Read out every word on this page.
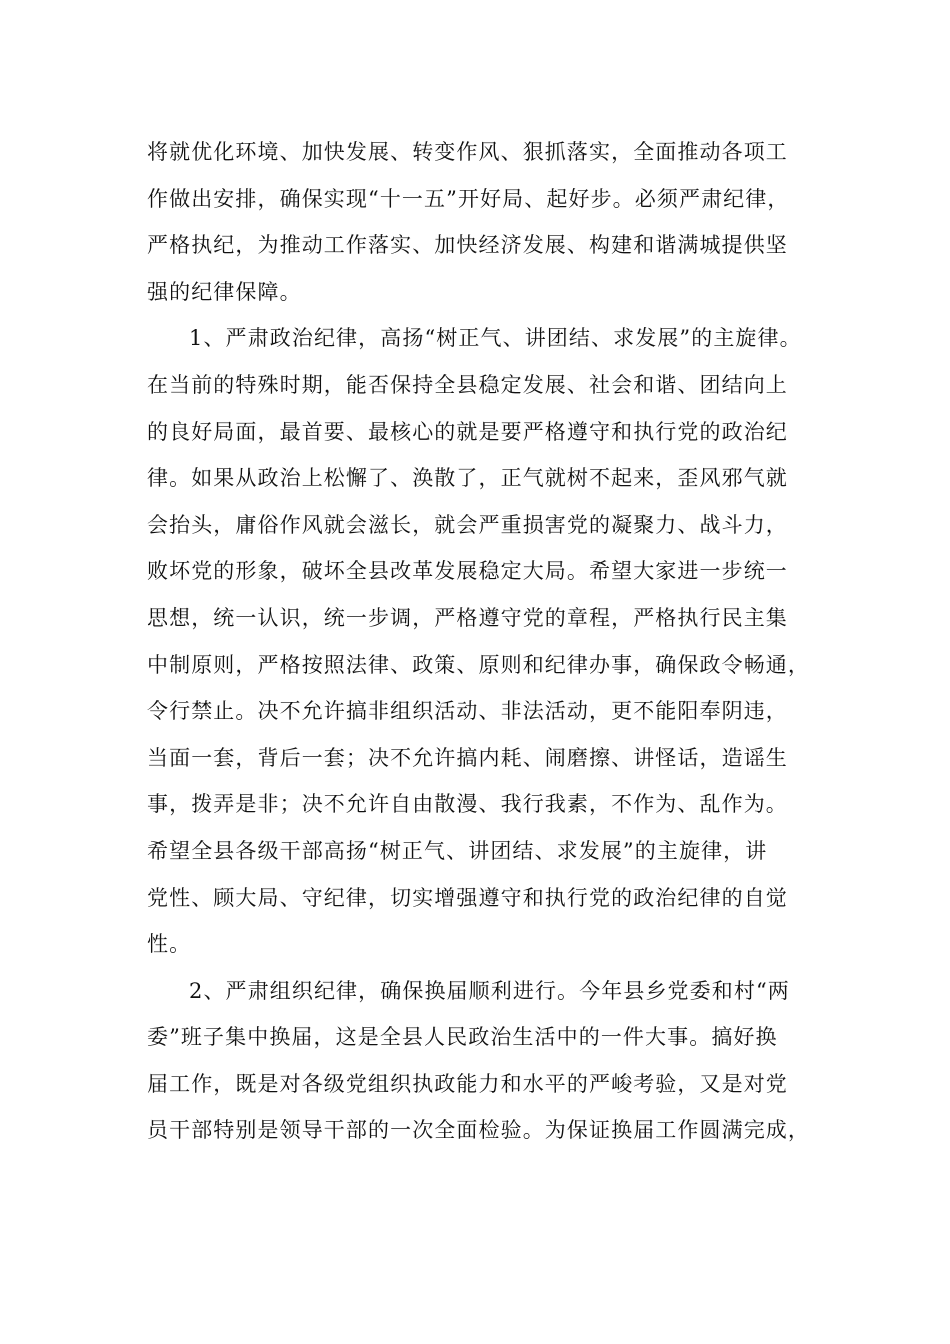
将就优化环境、加快发展、转变作风、狠抓落实，全面推动各项工
作做出安排，确保实现“十一五”开好局、起好步。必须严肃纪律，
严格执纪，为推动工作落实、加快经济发展、构建和谐满城提供坚
强的纪律保障。
1、严肃政治纪律，高扬“树正气、讲团结、求发展”的主旋律。
在当前的特殊时期，能否保持全县稳定发展、社会和谐、团结向上
的良好局面，最首要、最核心的就是要严格遵守和执行党的政治纪
律。如果从政治上松懈了、涣散了，正气就树不起来，歪风邪气就
会抬头，庸俗作风就会滋长，就会严重损害党的凝聚力、战斗力，
败坏党的形象，破坏全县改革发展稳定大局。希望大家进一步统一
思想，统一认识，统一步调，严格遵守党的章程，严格执行民主集
中制原则，严格按照法律、政策、原则和纪律办事，确保政令畅通，
令行禁止。决不允许搞非组织活动、非法活动，更不能阳奉阴违，
当面一套，背后一套；决不允许搞内耗、闹磨擦、讲怪话，造谣生
事，拨弄是非；决不允许自由散漫、我行我素，不作为、乱作为。
希望全县各级干部高扬“树正气、讲团结、求发展”的主旋律，讲
党性、顾大局、守纪律，切实增强遵守和执行党的政治纪律的自觉
性。
2、严肃组织纪律，确保换届顺利进行。今年县乡党委和村“两
委”班子集中换届，这是全县人民政治生活中的一件大事。搞好换
届工作，既是对各级党组织执政能力和水平的严峻考验，又是对党
员干部特别是领导干部的一次全面检验。为保证换届工作圆满完成，
